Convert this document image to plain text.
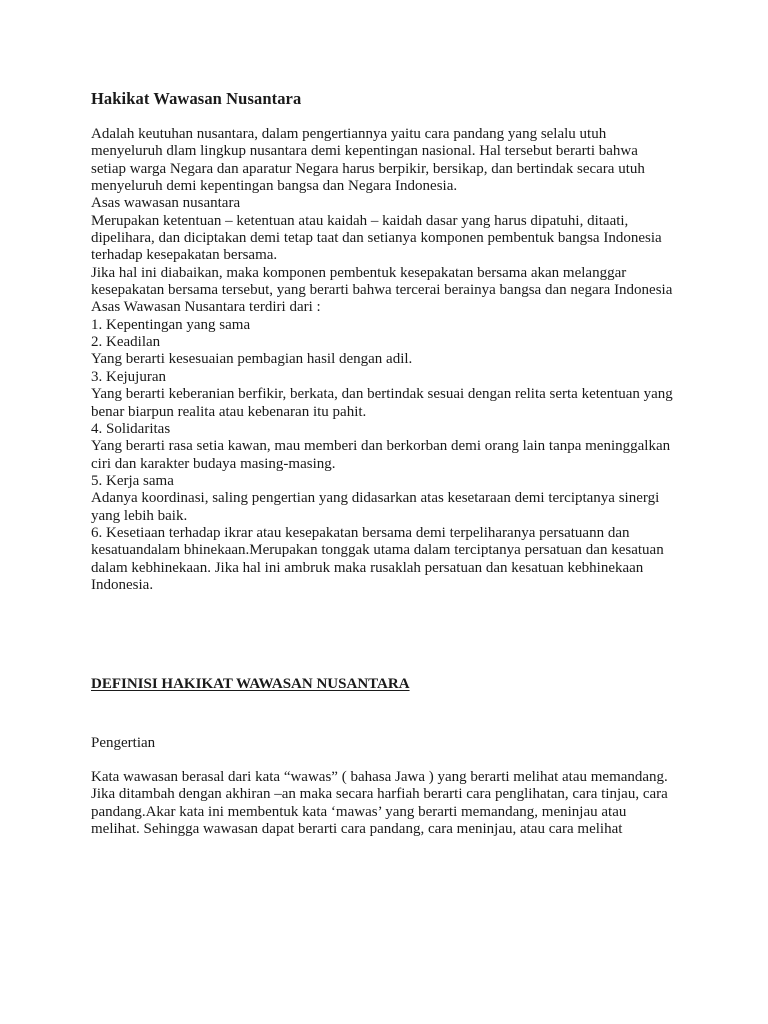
Hakikat Wawasan Nusantara
Adalah keutuhan nusantara, dalam pengertiannya yaitu cara pandang yang selalu utuh
menyeluruh dlam lingkup nusantara demi kepentingan nasional. Hal tersebut berarti bahwa
setiap warga Negara dan aparatur Negara harus berpikir, bersikap, dan bertindak secara utuh
menyeluruh demi kepentingan bangsa dan Negara Indonesia.
Asas wawasan nusantara
Merupakan ketentuan – ketentuan atau kaidah – kaidah dasar yang harus dipatuhi, ditaati,
dipelihara, dan diciptakan demi tetap taat dan setianya komponen pembentuk bangsa Indonesia
terhadap kesepakatan bersama.
Jika hal ini diabaikan, maka komponen pembentuk kesepakatan bersama akan melanggar
kesepakatan bersama tersebut, yang berarti bahwa tercerai berainya bangsa dan negara Indonesia
Asas Wawasan Nusantara terdiri dari :
1. Kepentingan yang sama
2. Keadilan
Yang berarti kesesuaian pembagian hasil dengan adil.
3. Kejujuran
Yang berarti keberanian berfikir, berkata, dan bertindak sesuai dengan relita serta ketentuan yang
benar biarpun realita atau kebenaran itu pahit.
4. Solidaritas
Yang berarti rasa setia kawan, mau memberi dan berkorban demi orang lain tanpa meninggalkan
ciri dan karakter budaya masing-masing.
5. Kerja sama
Adanya koordinasi, saling pengertian yang didasarkan atas kesetaraan demi terciptanya sinergi
yang lebih baik.
6. Kesetiaan terhadap ikrar atau kesepakatan bersama demi terpeliharanya persatuann dan
kesatuandalam bhinekaan.Merupakan tonggak utama dalam terciptanya persatuan dan kesatuan
dalam kebhinekaan. Jika hal ini ambruk maka rusaklah persatuan dan kesatuan kebhinekaan
Indonesia.
DEFINISI HAKIKAT WAWASAN NUSANTARA
Pengertian
Kata wawasan berasal dari kata “wawas” ( bahasa Jawa ) yang berarti melihat atau memandang.
Jika ditambah dengan akhiran –an maka secara harfiah berarti cara penglihatan, cara tinjau, cara
pandang.Akar kata ini membentuk kata ‘mawas’ yang berarti memandang, meninjau atau
melihat. Sehingga wawasan dapat berarti cara pandang, cara meninjau, atau cara melihat
